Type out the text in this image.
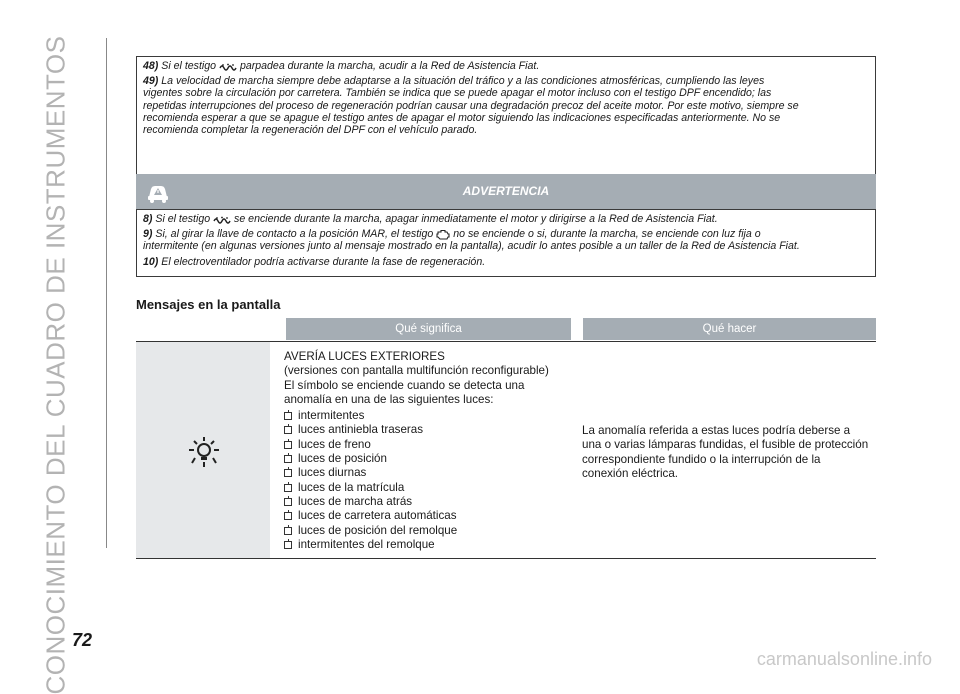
CONOCIMIENTO DEL CUADRO DE INSTRUMENTOS	48) Si el testigo parpadea durante la marcha, acudir a la Red de Asistencia Fiat.

49) La velocidad de marcha siempre debe adaptarse a la situación del tráfico y a las condiciones atmosféricas, cumpliendo las leyes
vigentes sobre la circulación por carretera. También se indica que se puede apagar el motor incluso con el testigo DPF encendido; las
repetidas interrupciones del proceso de regeneración podrían causar una degradación precoz del aceite motor. Por este motivo, siempre se
recomienda esperar a que se apague el testigo antes de apagar el motor siguiendo las indicaciones especificadas anteriormente. No se
recomienda completar la regeneración del DPF con el vehículo parado.

ADVERTENCIA

8) Si el testigo se enciende durante la marcha, apagar inmediatamente el motor y dirigirse a la Red de Asistencia Fiat.

9) Si, al girar la llave de contacto a la posición MAR, el testigo no se enciende o si, durante la marcha, se enciende con luz fija o
intermitente (en algunas versiones junto al mensaje mostrado en la pantalla), acudir lo antes posible a un taller de la Red de Asistencia Fiat.

10) El electroventilador podría activarse durante la fase de regeneración.

Mensajes en la pantalla
Qué significa	Qué hacer
AVERÍA LUCES EXTERIORES
(versiones con pantalla multifunción reconfigurable)
El símbolo se enciende cuando se detecta una
anomalía en una de las siguientes luces:
intermitentes
luces antiniebla traseras
luces de freno
luces de posición
luces diurnas
luces de la matrícula
luces de marcha atrás
luces de carretera automáticas
luces de posición del remolque
intermitentes del remolque
La anomalía referida a estas luces podría deberse a
una o varias lámparas fundidas, el fusible de protección
correspondiente fundido o la interrupción de la
conexión eléctrica.
72
carmanualsonline.info
